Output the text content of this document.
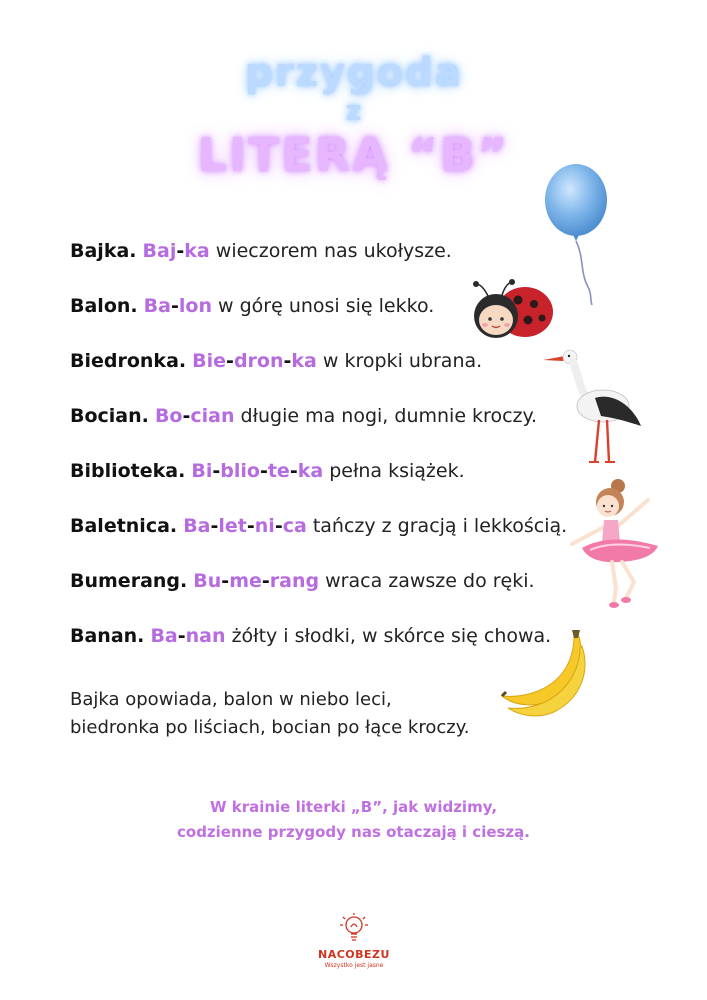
przygoda
z
LITERĄ “B”
Bajka. Baj-ka wieczorem nas ukołysze.
Balon. Ba-lon w górę unosi się lekko.
Biedronka. Bie-dron-ka w kropki ubrana.
Bocian. Bo-cian długie ma nogi, dumnie kroczy.
Biblioteka. Bi-blio-te-ka pełna książek.
Baletnica. Ba-let-ni-ca tańczy z gracją i lekkością.
Bumerang. Bu-me-rang wraca zawsze do ręki.
Banan. Ba-nan żółty i słodki, w skórce się chowa.
Bajka opowiada, balon w niebo leci,
biedronka po liściach, bocian po łące kroczy.
W krainie literki „B”, jak widzimy,
codzienne przygody nas otaczają i cieszą.
NACOBEZU
Wszystko jest jasne
